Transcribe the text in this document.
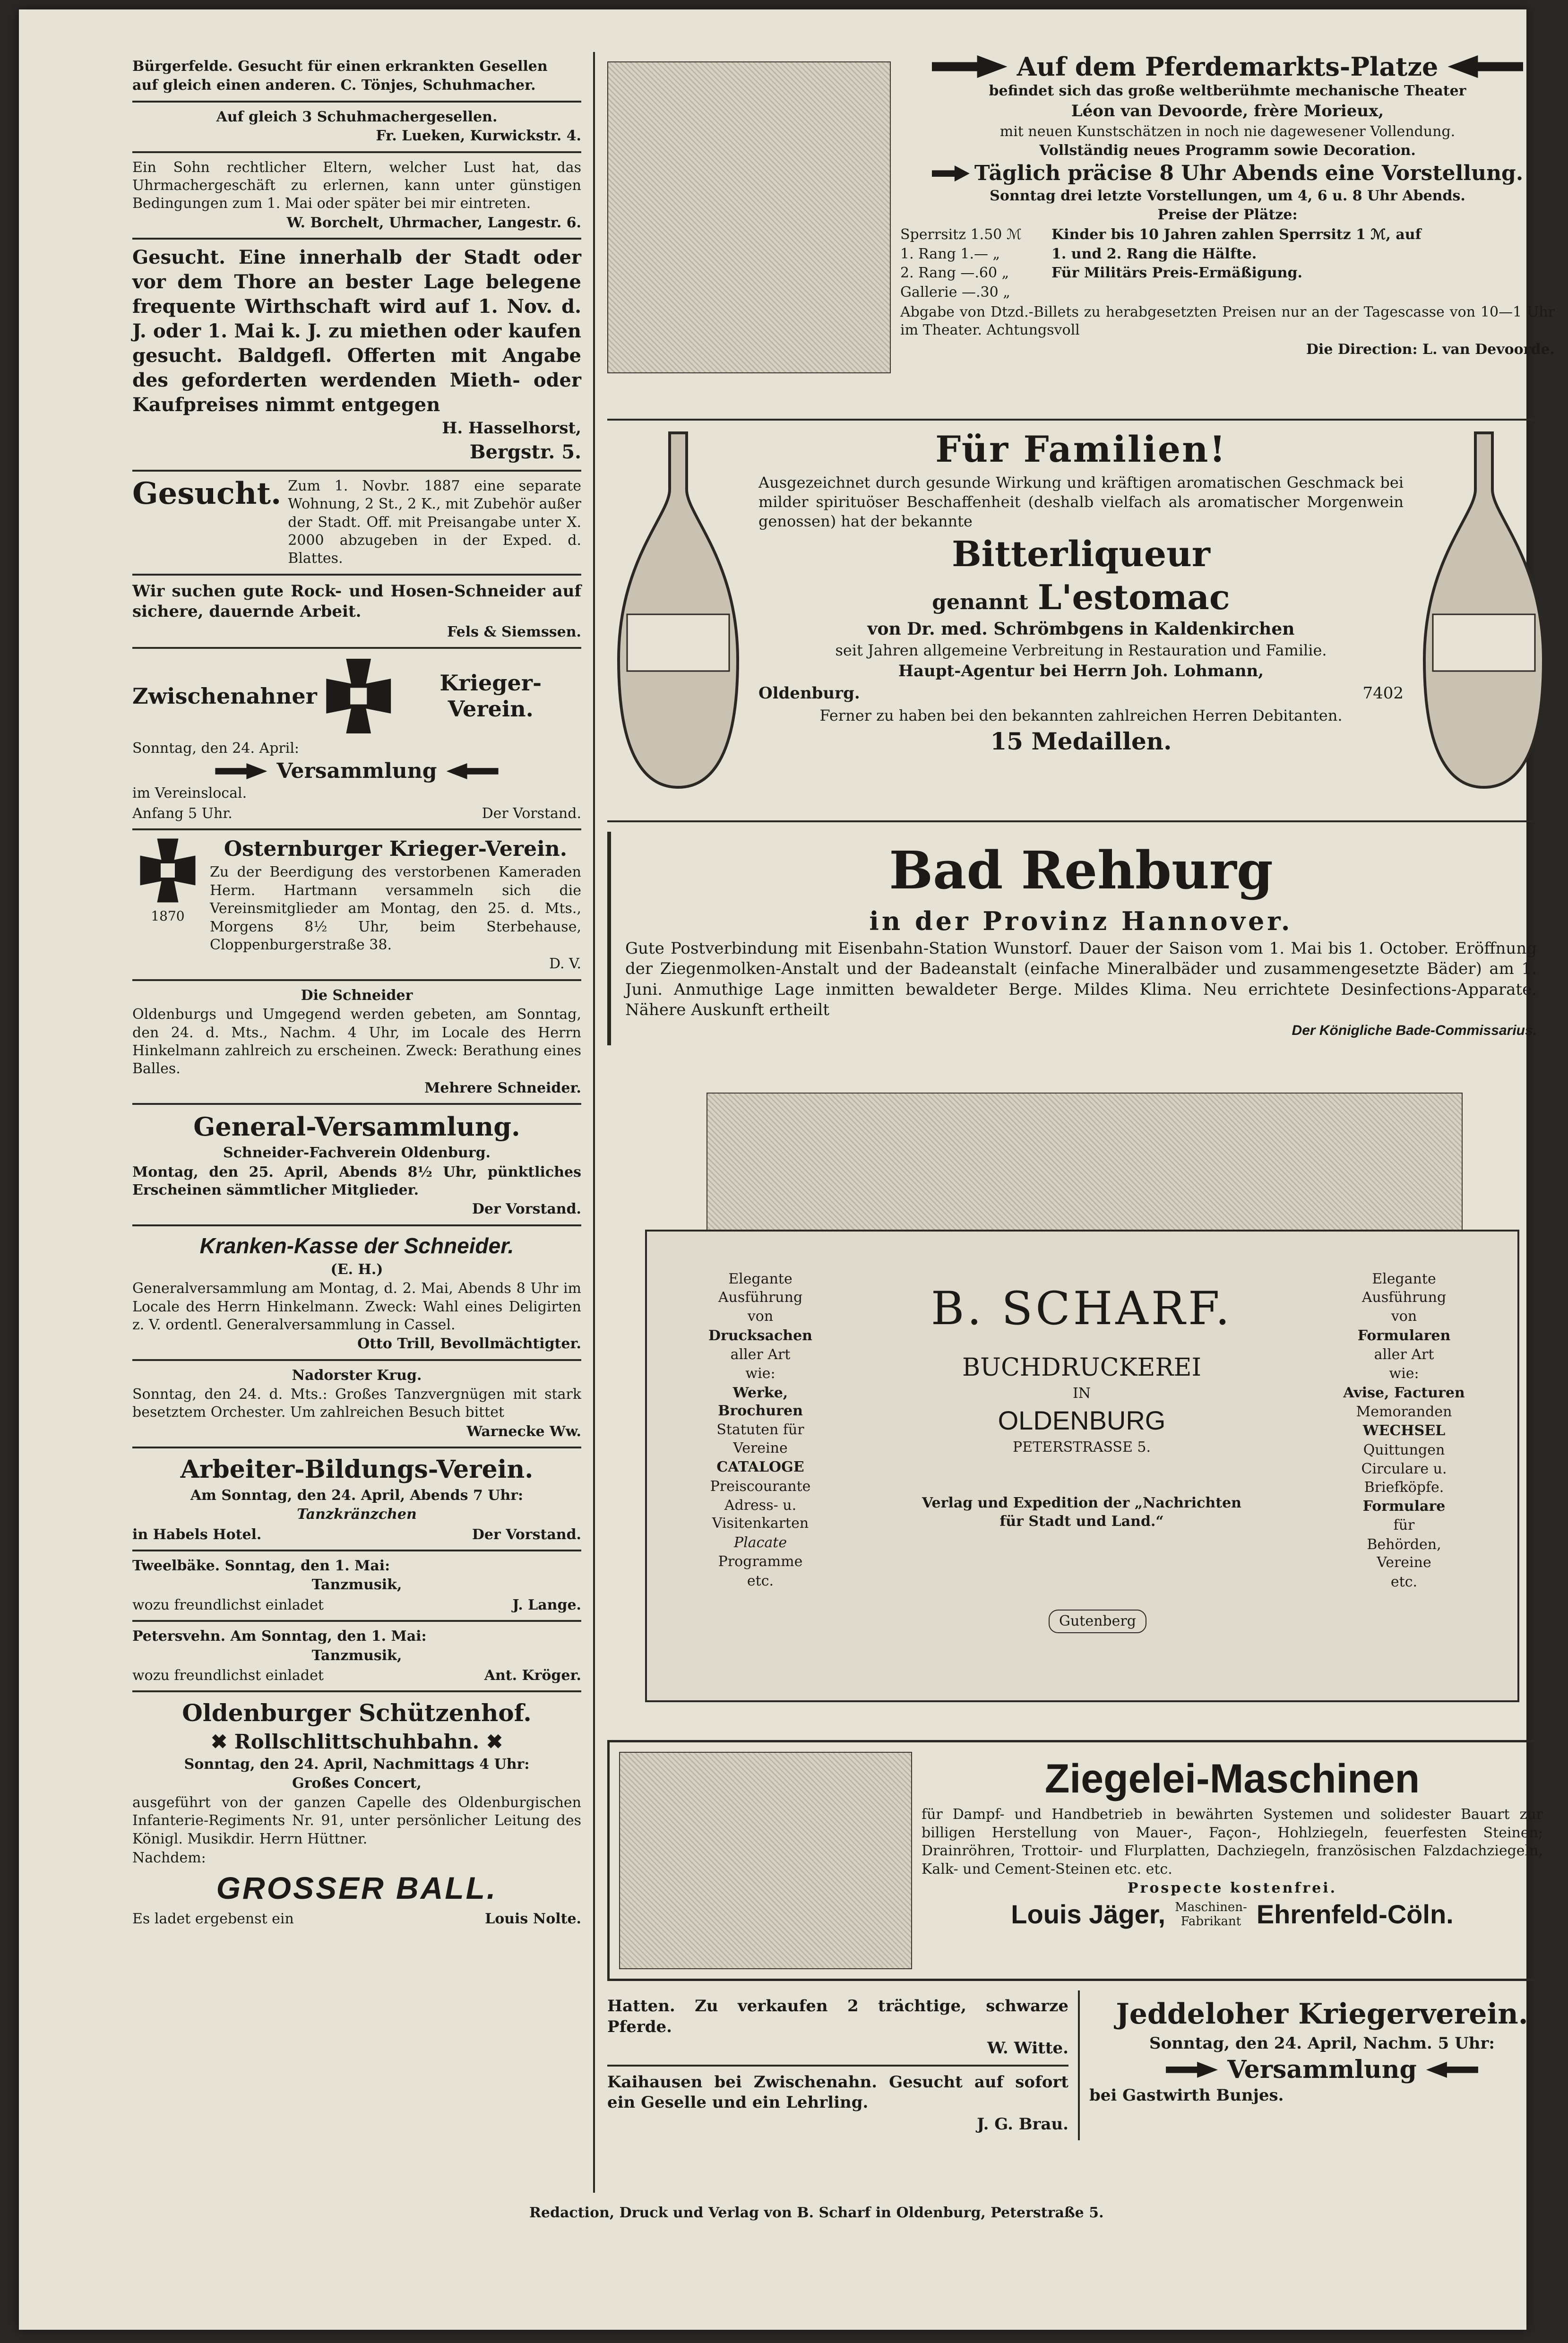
Bürgerfelde. Gesucht für einen erkrankten Gesellen

auf gleich einen anderen. C. Tönjes, Schuhmacher.

Auf gleich 3 Schuhmachergesellen.

Fr. Lueken, Kurwickstr. 4.

Ein Sohn rechtlicher Eltern, welcher Lust hat, das Uhrmachergeschäft zu erlernen, kann unter günstigen Bedingungen zum 1. Mai oder später bei mir eintreten.

W. Borchelt, Uhrmacher, Langestr. 6.

Gesucht. Eine innerhalb der Stadt oder vor dem Thore an bester Lage belegene frequente Wirthschaft wird auf 1. Nov. d. J. oder 1. Mai k. J. zu miethen oder kaufen gesucht. Baldgefl. Offerten mit Angabe des geforderten werdenden Mieth- oder Kaufpreises nimmt entgegen

H. Hasselhorst,

Bergstr. 5.

Gesucht. Zum 1. Novbr. 1887 eine separate Wohnung, 2 St., 2 K., mit Zubehör außer der Stadt. Off. mit Preisangabe unter X. 2000 abzugeben in der Exped. d. Blattes.

Wir suchen gute Rock- und Hosen-Schneider auf sichere, dauernde Arbeit.

Fels & Siemssen.

Zwischenahner
Krieger-Verein.

Sonntag, den 24. April:

Versammlung

im Vereinslocal.

Anfang 5 Uhr.	Der Vorstand.

1870

Osternburger Krieger-Verein.

Zu der Beerdigung des verstorbenen Kameraden Herm. Hartmann versammeln sich die Vereinsmitglieder am Montag, den 25. d. Mts., Morgens 8½ Uhr, beim Sterbehause, Cloppenburgerstraße 38.

D. V.

Die Schneider

Oldenburgs und Umgegend werden gebeten, am Sonntag, den 24. d. Mts., Nachm. 4 Uhr, im Locale des Herrn Hinkelmann zahlreich zu erscheinen. Zweck: Berathung eines Balles.

Mehrere Schneider.

General-Versammlung.

Schneider-Fachverein Oldenburg.

Montag, den 25. April, Abends 8½ Uhr, pünktliches Erscheinen sämmtlicher Mitglieder.

Der Vorstand.

Kranken-Kasse der Schneider.

(E. H.)

Generalversammlung am Montag, d. 2. Mai, Abends 8 Uhr im Locale des Herrn Hinkelmann. Zweck: Wahl eines Deligirten z. V. ordentl. Generalversammlung in Cassel.

Otto Trill, Bevollmächtigter.

Nadorster Krug.

Sonntag, den 24. d. Mts.: Großes Tanzvergnügen mit stark besetztem Orchester. Um zahlreichen Besuch bittet

Warnecke Ww.

Arbeiter-Bildungs-Verein.

Am Sonntag, den 24. April, Abends 7 Uhr:

Tanzkränzchen

in Habels Hotel.	Der Vorstand.

Tweelbäke. Sonntag, den 1. Mai:

Tanzmusik,

wozu freundlichst einladet	J. Lange.

Petersvehn. Am Sonntag, den 1. Mai:

Tanzmusik,

wozu freundlichst einladet	Ant. Kröger.

Oldenburger Schützenhof.

✖ Rollschlittschuhbahn. ✖

Sonntag, den 24. April, Nachmittags 4 Uhr:

Großes Concert,

ausgeführt von der ganzen Capelle des Oldenburgischen Infanterie-Regiments Nr. 91, unter persönlicher Leitung des Königl. Musikdir. Herrn Hüttner.

Nachdem:

GROSSER BALL.

Es ladet ergebenst ein	Louis Nolte.

Auf dem Pferdemarkts-Platze

befindet sich das große weltberühmte mechanische Theater

Léon van Devoorde, frère Morieux,

mit neuen Kunstschätzen in noch nie dagewesener Vollendung.

Vollständig neues Programm sowie Decoration.

Täglich präcise 8 Uhr Abends eine Vorstellung.

Sonntag drei letzte Vorstellungen, um 4, 6 u. 8 Uhr Abends.

Preise der Plätze:

Sperrsitz 1.50 ℳ

1. Rang 1.— „

2. Rang —.60 „

Gallerie —.30 „

Kinder bis 10 Jahren zahlen Sperrsitz 1 ℳ, auf

1. und 2. Rang die Hälfte.

Für Militärs Preis-Ermäßigung.

Abgabe von Dtzd.-Billets zu herabgesetzten Preisen nur an der Tagescasse von 10—1 Uhr im Theater. Achtungsvoll

Die Direction: L. van Devoorde.

Für Familien!

Ausgezeichnet durch gesunde Wirkung und kräftigen aromatischen Geschmack bei milder spirituöser Beschaffenheit (deshalb vielfach als aromatischer Morgenwein genossen) hat der bekannte

Bitterliqueur

genannt L'estomac

von Dr. med. Schrömbgens in Kaldenkirchen

seit Jahren allgemeine Verbreitung in Restauration und Familie.

Haupt-Agentur bei Herrn Joh. Lohmann,

Oldenburg.	7402

Ferner zu haben bei den bekannten zahlreichen Herren Debitanten.

15 Medaillen.

Bad Rehburg

in der Provinz Hannover.

Gute Postverbindung mit Eisenbahn-Station Wunstorf. Dauer der Saison vom 1. Mai bis 1. October. Eröffnung der Ziegenmolken-Anstalt und der Badeanstalt (einfache Mineralbäder und zusammengesetzte Bäder) am 1. Juni. Anmuthige Lage inmitten bewaldeter Berge. Mildes Klima. Neu errichtete Desinfections-Apparate. Nähere Auskunft ertheilt

Der Königliche Bade-Commissarius.

Elegante Ausführung

von

Drucksachen

aller Art

wie:

Werke, Brochuren

Statuten für Vereine

CATALOGE

Preiscourante

Adress- u. Visitenkarten

Placate

Programme

etc.

B. SCHARF.

BUCHDRUCKEREI

IN

OLDENBURG

PETERSTRASSE 5.

Verlag und Expedition der „Nachrichten für Stadt und Land.“

Elegante Ausführung

von

Formularen

aller Art

wie:

Avise, Facturen

Memoranden

WECHSEL

Quittungen

Circulare u. Briefköpfe.

Formulare

für

Behörden, Vereine

etc.

Gutenberg

Ziegelei-Maschinen

für Dampf- und Handbetrieb in bewährten Systemen und solidester Bauart zur billigen Herstellung von Mauer-, Façon-, Hohlziegeln, feuerfesten Steinen; Drainröhren, Trottoir- und Flurplatten, Dachziegeln, französischen Falzdachziegeln, Kalk- und Cement-Steinen etc. etc.

Prospecte kostenfrei.

Louis Jäger, Maschinen-
Fabrikant Ehrenfeld-Cöln.

Hatten. Zu verkaufen 2 trächtige, schwarze Pferde.

W. Witte.

Kaihausen bei Zwischenahn. Gesucht auf sofort ein Geselle und ein Lehrling.

J. G. Brau.

Jeddeloher Kriegerverein.

Sonntag, den 24. April, Nachm. 5 Uhr:

Versammlung

bei Gastwirth Bunjes.

Redaction, Druck und Verlag von B. Scharf in Oldenburg, Peterstraße 5.
